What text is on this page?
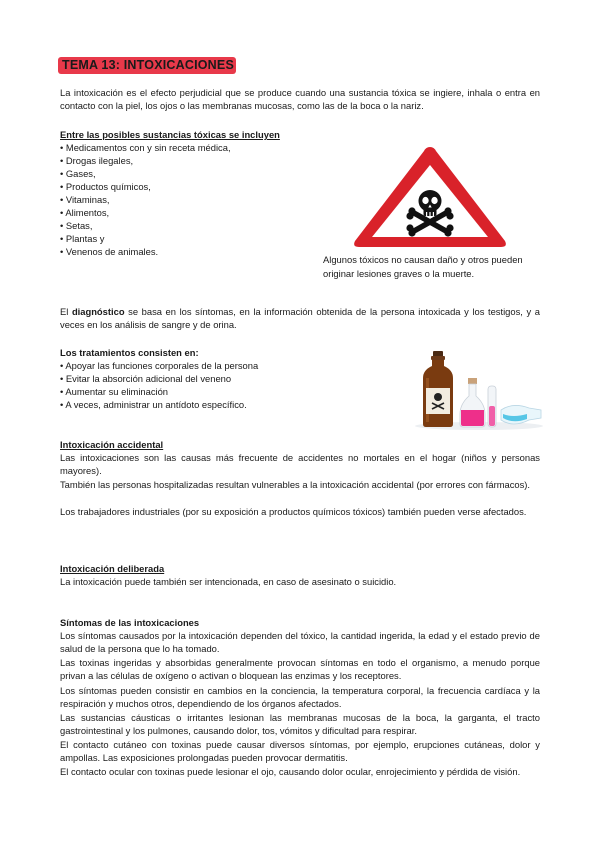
TEMA 13: INTOXICACIONES
La intoxicación es el efecto perjudicial que se produce cuando una sustancia tóxica se ingiere, inhala o entra en contacto con la piel, los ojos o las membranas mucosas, como las de la boca o la nariz.
Entre las posibles sustancias tóxicas se incluyen
• Medicamentos con y sin receta médica,
• Drogas ilegales,
• Gases,
• Productos químicos,
• Vitaminas,
• Alimentos,
• Setas,
• Plantas y
• Venenos de animales.
Algunos tóxicos no causan daño y otros pueden originar lesiones graves o la muerte.
El diagnóstico se basa en los síntomas, en la información obtenida de la persona intoxicada y los testigos, y a veces en los análisis de sangre y de orina.
Los tratamientos consisten en:
• Apoyar las funciones corporales de la persona
• Evitar la absorción adicional del veneno
• Aumentar su eliminación
• A veces, administrar un antídoto específico.
Intoxicación accidental
Las intoxicaciones son las causas más frecuente de accidentes no mortales en el hogar (niños y personas mayores).
También las personas hospitalizadas resultan vulnerables a la intoxicación accidental (por errores con fármacos).
Los trabajadores industriales (por su exposición a productos químicos tóxicos) también pueden verse afectados.
Intoxicación deliberada
La intoxicación puede también ser intencionada, en caso de asesinato o suicidio.
Síntomas de las intoxicaciones
Los síntomas causados por la intoxicación dependen del tóxico, la cantidad ingerida, la edad y el estado previo de salud de la persona que lo ha tomado.
Las toxinas ingeridas y absorbidas generalmente provocan síntomas en todo el organismo, a menudo porque privan a las células de oxígeno o activan o bloquean las enzimas y los receptores.
Los síntomas pueden consistir en cambios en la conciencia, la temperatura corporal, la frecuencia cardíaca y la respiración y muchos otros, dependiendo de los órganos afectados.
Las sustancias cáusticas o irritantes lesionan las membranas mucosas de la boca, la garganta, el tracto gastrointestinal y los pulmones, causando dolor, tos, vómitos y dificultad para respirar.
El contacto cutáneo con toxinas puede causar diversos síntomas, por ejemplo, erupciones cutáneas, dolor y ampollas. Las exposiciones prolongadas pueden provocar dermatitis.
El contacto ocular con toxinas puede lesionar el ojo, causando dolor ocular, enrojecimiento y pérdida de visión.
